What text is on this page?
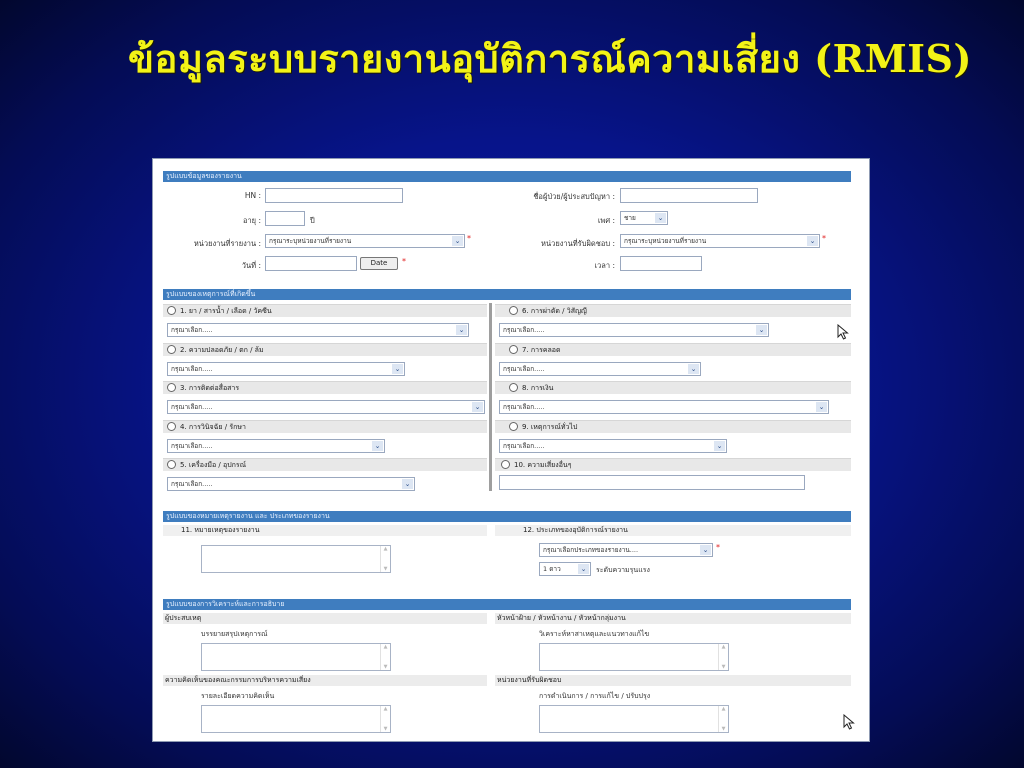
ข้อมูลระบบรายงานอุบัติการณ์ความเสี่ยง (RMIS)
รูปแบบข้อมูลของรายงาน
HN :	ชื่อผู้ป่วย/ผู้ประสบปัญหา :
อายุ :	ปี	เพศ :	ชาย	⌄
หน่วยงานที่รายงาน :	กรุณาระบุหน่วยงานที่รายงาน	⌄ *
หน่วยงานที่รับผิดชอบ :	กรุณาระบุหน่วยงานที่รายงาน	⌄ *
วันที่ :	Date	*	เวลา :
รูปแบบของเหตุการณ์ที่เกิดขึ้น
1. ยา / สารน้ำ / เลือด / วัคซีน
กรุณาเลือก.....	⌄
2. ความปลอดภัย / ตก / ล้ม
กรุณาเลือก.....	⌄
3. การติดต่อสื่อสาร
กรุณาเลือก.....	⌄
4. การวินิจฉัย / รักษา
กรุณาเลือก.....	⌄
5. เครื่องมือ / อุปกรณ์
กรุณาเลือก.....	⌄
6. การผ่าตัด / วิสัญญี
กรุณาเลือก.....	⌄
7. การคลอด
กรุณาเลือก.....	⌄
8. การเงิน
กรุณาเลือก.....	⌄
9. เหตุการณ์ทั่วไป
กรุณาเลือก.....	⌄
10. ความเสี่ยงอื่นๆ
รูปแบบของหมายเหตุรายงาน และ ประเภทของรายงาน
11. หมายเหตุของรายงาน	12. ประเภทของอุบัติการณ์รายงาน
▲
▼
กรุณาเลือกประเภทของรายงาน....	⌄ *
1 ดาว	⌄	ระดับความรุนแรง
รูปแบบของการวิเคราะห์และการอธิบาย
ผู้ประสบเหตุ	หัวหน้าฝ้าย / หัวหน้างาน / หัวหน้ากลุ่มงาน
บรรยายสรุปเหตุการณ์	วิเคราะห์หาสาเหตุและแนวทางแก้ไข
▲
▼
▲
▼
ความคิดเห็นของคณะกรรมการบริหารความเสี่ยง	หน่วยงานที่รับผิดชอบ
รายละเอียดความคิดเห็น	การดำเนินการ / การแก้ไข / ปรับปรุง
▲
▼
▲
▼
